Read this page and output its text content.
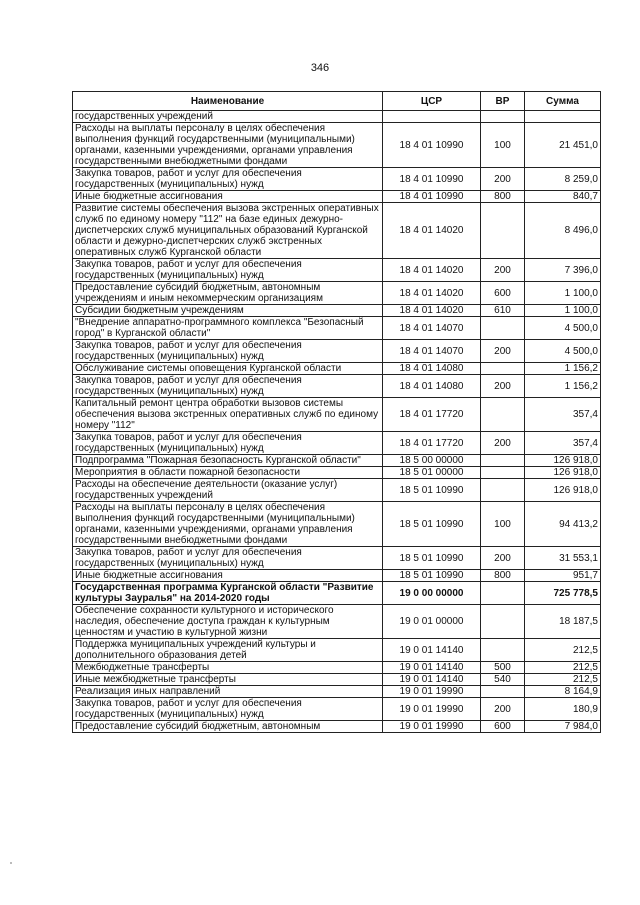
346
Наименование	ЦСР	ВР	Сумма
государственных учреждений			
Расходы на выплаты персоналу в целях обеспечения выполнения функций государственными (муниципальными) органами, казенными учреждениями, органами управления государственными внебюджетными фондами	18 4 01 10990	100	21 451,0
Закупка товаров, работ и услуг для обеспечения государственных (муниципальных) нужд	18 4 01 10990	200	8 259,0
Иные бюджетные ассигнования	18 4 01 10990	800	840,7
Развитие системы обеспечения вызова экстренных оперативных служб по единому номеру "112" на базе единых дежурно-диспетчерских служб муниципальных образований Курганской области и дежурно-диспетчерских служб экстренных оперативных служб Курганской области	18 4 01 14020		8 496,0
Закупка товаров, работ и услуг для обеспечения государственных (муниципальных) нужд	18 4 01 14020	200	7 396,0
Предоставление субсидий бюджетным, автономным учреждениям и иным некоммерческим организациям	18 4 01 14020	600	1 100,0
Субсидии бюджетным учреждениям	18 4 01 14020	610	1 100,0
"Внедрение аппаратно-программного комплекса "Безопасный город" в Курганской области"	18 4 01 14070		4 500,0
Закупка товаров, работ и услуг для обеспечения государственных (муниципальных) нужд	18 4 01 14070	200	4 500,0
Обслуживание системы оповещения Курганской области	18 4 01 14080		1 156,2
Закупка товаров, работ и услуг для обеспечения государственных (муниципальных) нужд	18 4 01 14080	200	1 156,2
Капитальный ремонт центра обработки вызовов системы обеспечения вызова экстренных оперативных служб по единому номеру "112"	18 4 01 17720		357,4
Закупка товаров, работ и услуг для обеспечения государственных (муниципальных) нужд	18 4 01 17720	200	357,4
Подпрограмма "Пожарная безопасность Курганской области"	18 5 00 00000		126 918,0
Мероприятия в области пожарной безопасности	18 5 01 00000		126 918,0
Расходы на обеспечение деятельности (оказание услуг) государственных учреждений	18 5 01 10990		126 918,0
Расходы на выплаты персоналу в целях обеспечения выполнения функций государственными (муниципальными) органами, казенными учреждениями, органами управления государственными внебюджетными фондами	18 5 01 10990	100	94 413,2
Закупка товаров, работ и услуг для обеспечения государственных (муниципальных) нужд	18 5 01 10990	200	31 553,1
Иные бюджетные ассигнования	18 5 01 10990	800	951,7
Государственная программа Курганской области "Развитие культуры Зауралья" на 2014-2020 годы	19 0 00 00000		725 778,5
Обеспечение сохранности культурного и исторического наследия, обеспечение доступа граждан к культурным ценностям и участию в культурной жизни	19 0 01 00000		18 187,5
Поддержка муниципальных учреждений культуры и дополнительного образования детей	19 0 01 14140		212,5
Межбюджетные трансферты	19 0 01 14140	500	212,5
Иные межбюджетные трансферты	19 0 01 14140	540	212,5
Реализация иных направлений	19 0 01 19990		8 164,9
Закупка товаров, работ и услуг для обеспечения государственных (муниципальных) нужд	19 0 01 19990	200	180,9
Предоставление субсидий бюджетным, автономным	19 0 01 19990	600	7 984,0
